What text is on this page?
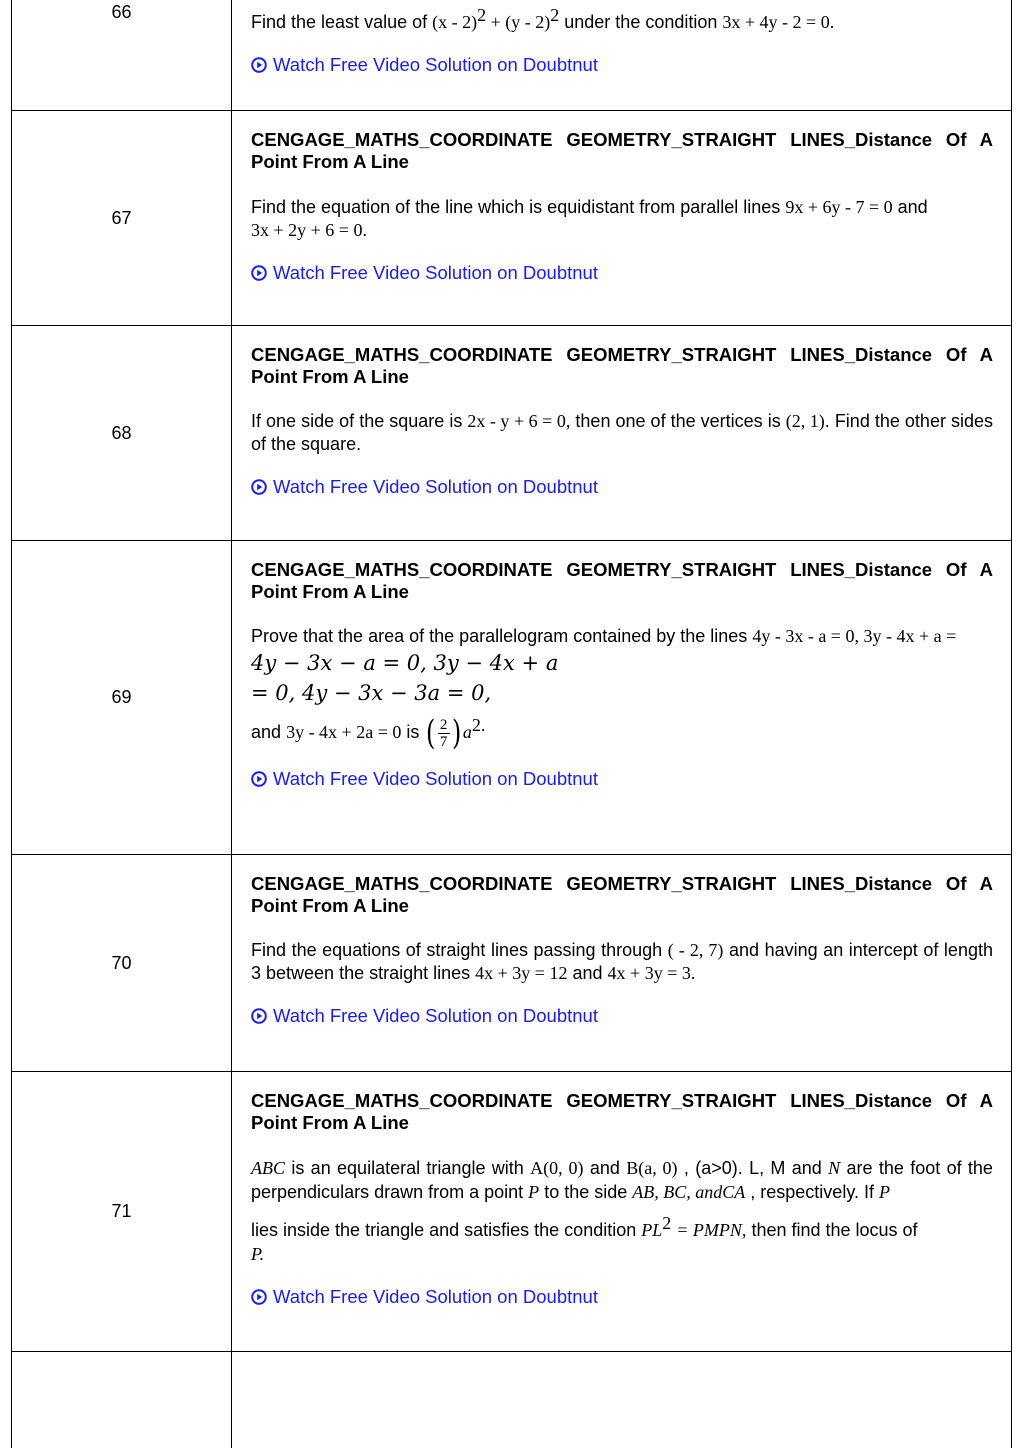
66	Find the least value of (x - 2)$^2$ + (y - 2)$^2$ under the condition 3x + 4y - 2 = 0.

Watch Free Video Solution on Doubtnut
67

CENGAGE_MATHS_COORDINATE GEOMETRY_STRAIGHT LINES_Distance Of A Point From A Line

Find the equation of the line which is equidistant from parallel lines 9x + 6y - 7 = 0 and
3x + 2y + 6 = 0.

Watch Free Video Solution on Doubtnut
68

CENGAGE_MATHS_COORDINATE GEOMETRY_STRAIGHT LINES_Distance Of A Point From A Line

If one side of the square is 2x - y + 6 = 0, then one of the vertices is (2, 1). Find the other sides of the square.

Watch Free Video Solution on Doubtnut
69

CENGAGE_MATHS_COORDINATE GEOMETRY_STRAIGHT LINES_Distance Of A Point From A Line

Prove that the area of the parallelogram contained by the lines 4y - 3x - a = 0, 3y - 4x + a =

4y − 3x − a = 0, 3y − 4x + a
= 0, 4y − 3x − 3a = 0,

and 3y - 4x + 2a = 0 is ( $\frac{2}{7}$ ) $a^{2.}$

Watch Free Video Solution on Doubtnut
70

CENGAGE_MATHS_COORDINATE GEOMETRY_STRAIGHT LINES_Distance Of A Point From A Line

Find the equations of straight lines passing through ( - 2, 7) and having an intercept of length 3 between the straight lines 4x + 3y = 12 and 4x + 3y = 3.

Watch Free Video Solution on Doubtnut
71

CENGAGE_MATHS_COORDINATE GEOMETRY_STRAIGHT LINES_Distance Of A Point From A Line

ABC is an equilateral triangle with A(0, 0) and B(a, 0) , (a>0). L, M and N are the foot of the perpendiculars drawn from a point P to the side AB, BC, andCA , respectively. If P
lies inside the triangle and satisfies the condition $PL^2$ = PMPN, then find the locus of
P.

Watch Free Video Solution on Doubtnut
